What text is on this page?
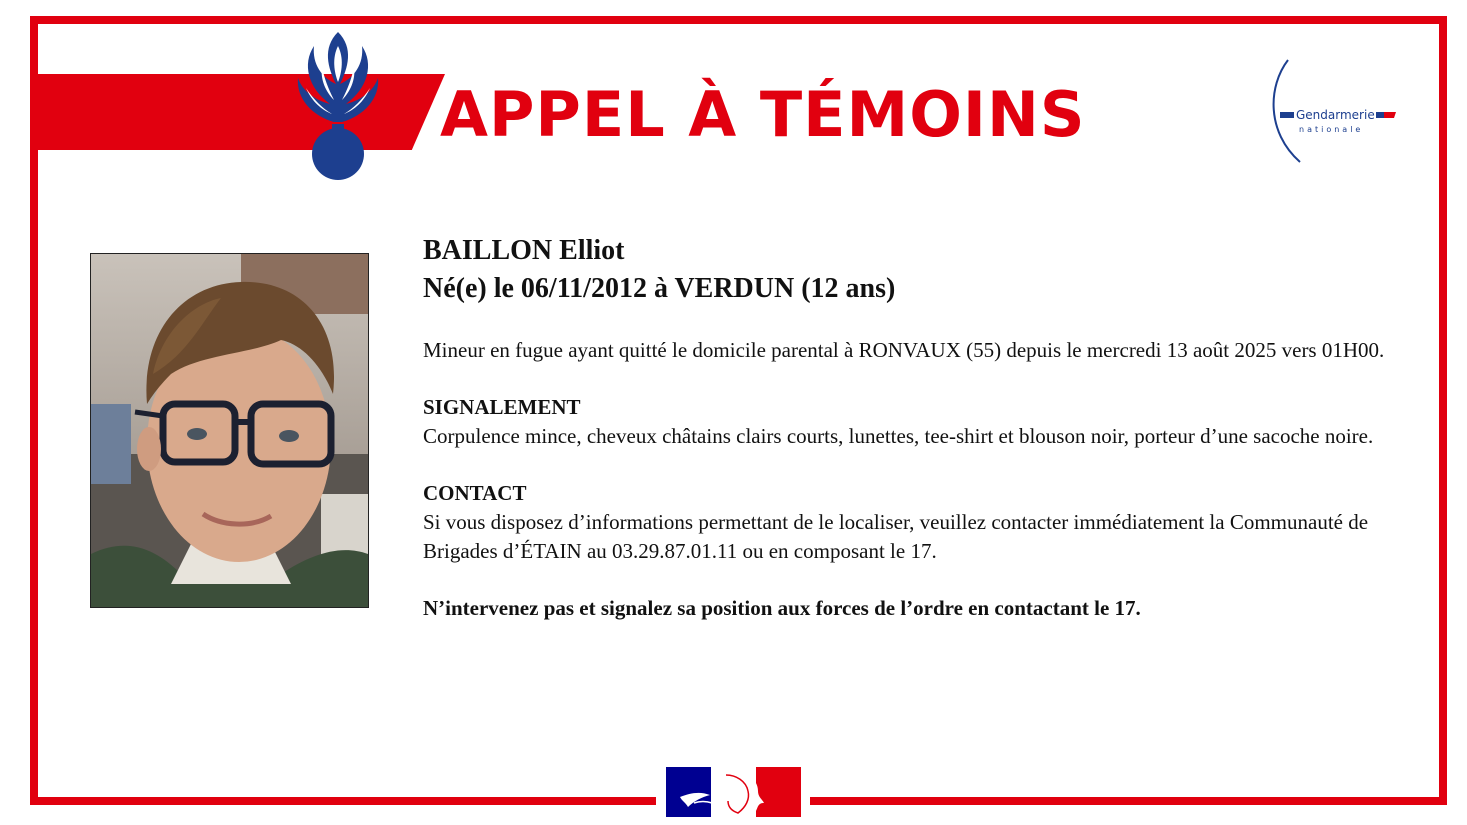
APPEL À TÉMOINS	Gendarmerie
nationale

BAILLON Elliot

Né(e) le 06/11/2012 à VERDUN (12 ans)

Mineur en fugue ayant quitté le domicile parental à RONVAUX (55) depuis le mercredi 13 août 2025 vers 01H00.

SIGNALEMENT

Corpulence mince, cheveux châtains clairs courts, lunettes, tee-shirt et blouson noir, porteur d’une sacoche noire.

CONTACT

Si vous disposez d’informations permettant de le localiser, veuillez contacter immédiatement la Communauté de Brigades d’ÉTAIN au 03.29.87.01.11 ou en composant le 17.

N’intervenez pas et signalez sa position aux forces de l’ordre en contactant le 17.
